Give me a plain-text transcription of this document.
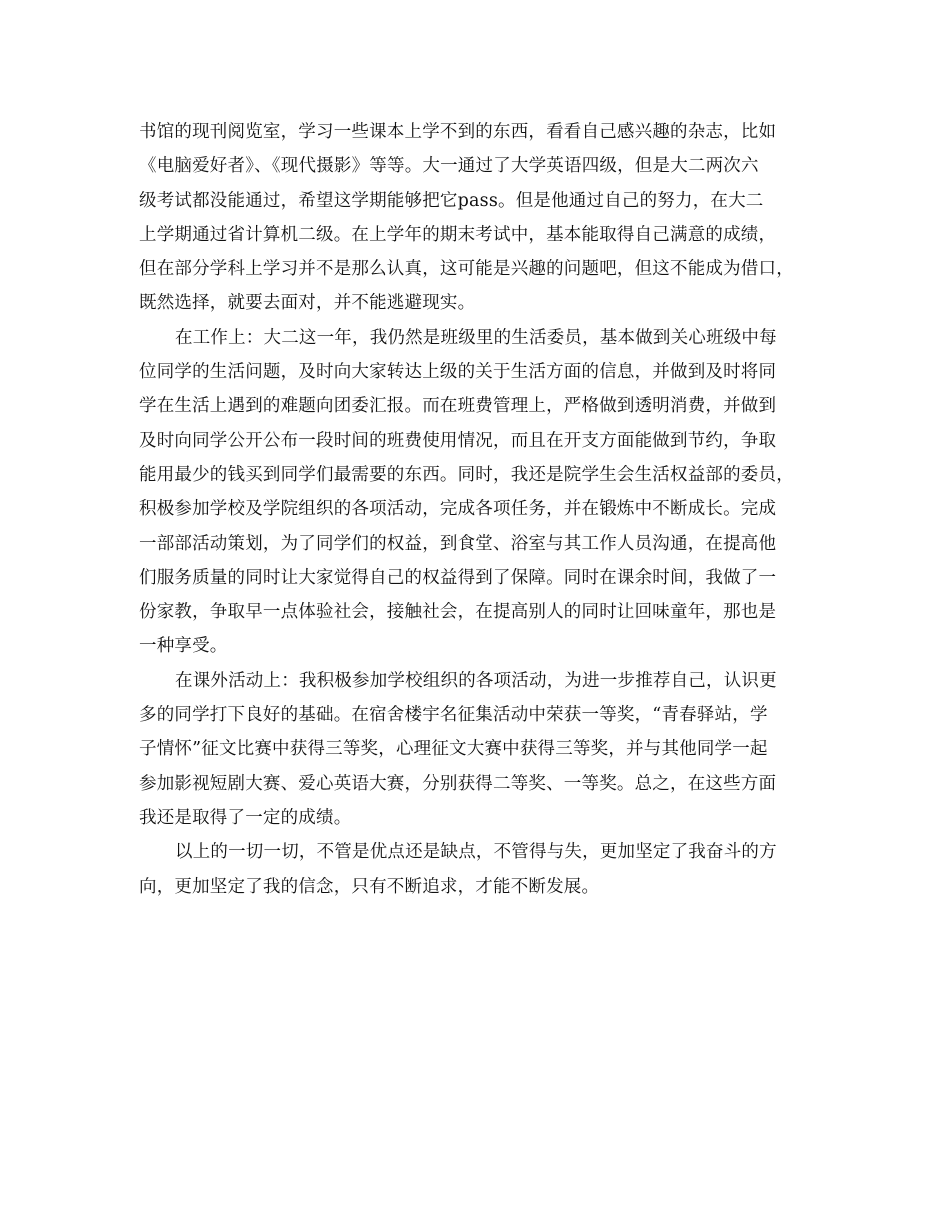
书馆的现刊阅览室，学习一些课本上学不到的东西，看看自己感兴趣的杂志，比如
《电脑爱好者》、《现代摄影》等等。大一通过了大学英语四级，但是大二两次六
级考试都没能通过，希望这学期能够把它pass。但是他通过自己的努力，在大二
上学期通过省计算机二级。在上学年的期末考试中，基本能取得自己满意的成绩，
但在部分学科上学习并不是那么认真，这可能是兴趣的问题吧，但这不能成为借口，
既然选择，就要去面对，并不能逃避现实。
在工作上：大二这一年，我仍然是班级里的生活委员，基本做到关心班级中每
位同学的生活问题，及时向大家转达上级的关于生活方面的信息，并做到及时将同
学在生活上遇到的难题向团委汇报。而在班费管理上，严格做到透明消费，并做到
及时向同学公开公布一段时间的班费使用情况，而且在开支方面能做到节约，争取
能用最少的钱买到同学们最需要的东西。同时，我还是院学生会生活权益部的委员，
积极参加学校及学院组织的各项活动，完成各项任务，并在锻炼中不断成长。完成
一部部活动策划，为了同学们的权益，到食堂、浴室与其工作人员沟通，在提高他
们服务质量的同时让大家觉得自己的权益得到了保障。同时在课余时间，我做了一
份家教，争取早一点体验社会，接触社会，在提高别人的同时让回味童年，那也是
一种享受。
在课外活动上：我积极参加学校组织的各项活动，为进一步推荐自己，认识更
多的同学打下良好的基础。在宿舍楼宇名征集活动中荣获一等奖，“青春驿站，学
子情怀”征文比赛中获得三等奖，心理征文大赛中获得三等奖，并与其他同学一起
参加影视短剧大赛、爱心英语大赛，分别获得二等奖、一等奖。总之，在这些方面
我还是取得了一定的成绩。
以上的一切一切，不管是优点还是缺点，不管得与失，更加坚定了我奋斗的方
向，更加坚定了我的信念，只有不断追求，才能不断发展。
